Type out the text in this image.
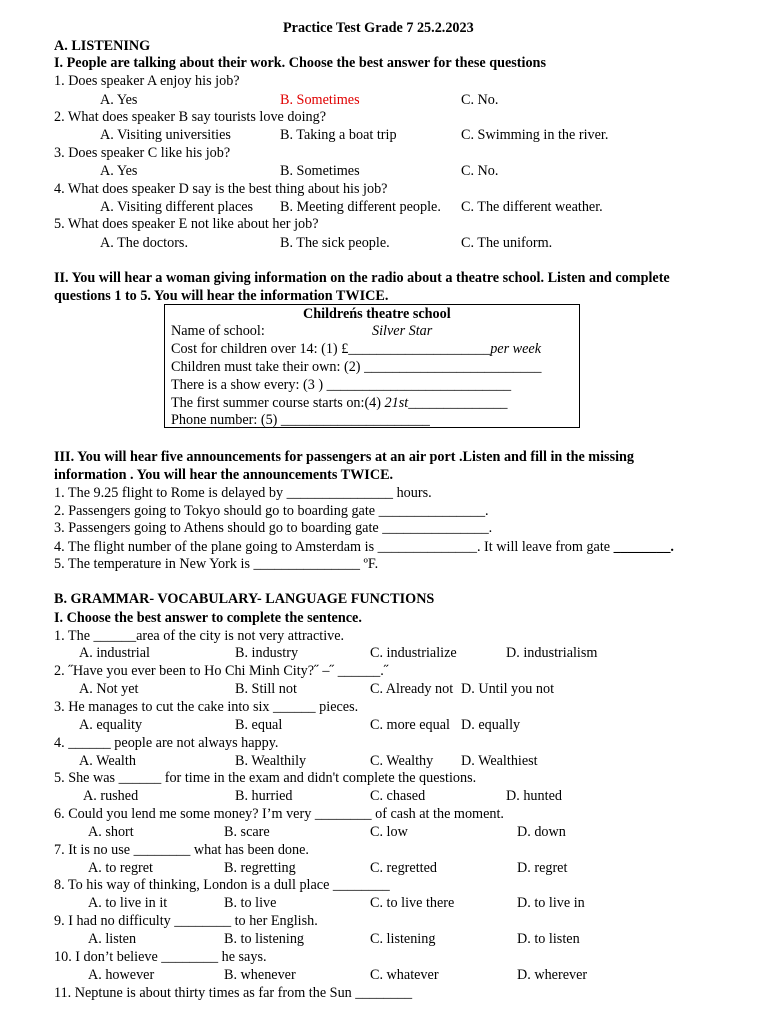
Practice Test Grade 7 25.2.2023
A. LISTENING
I. People are talking about their work. Choose the best answer for these questions
1. Does speaker A enjoy his job?
A. Yes	B. Sometimes	C. No.
2. What does speaker B say tourists love doing?
A. Visiting universities	B. Taking a boat trip	C. Swimming in the river.
3. Does speaker C like his job?
A. Yes	B. Sometimes	C. No.
4. What does speaker D say is the best thing about his job?
A. Visiting different places B. Meeting different people. C. The different weather.
5. What does speaker E not like about her job?
A. The doctors.	B. The sick people.	C. The uniform.
II. You will hear a woman giving information on the radio about a theatre school. Listen and complete
questions 1 to 5. You will hear the information TWICE.
Childreńs theatre school
Name of school:	Silver Star
Cost for children over 14: (1) £____________________per week
Children must take their own: (2) _________________________
There is a show every: (3 ) __________________________
The first summer course starts on:(4) 21st______________
Phone number: (5) _____________________
III. You will hear five announcements for passengers at an air port .Listen and fill in the missing
information . You will hear the announcements TWICE.
1. The 9.25 flight to Rome is delayed by _______________ hours.
2. Passengers going to Tokyo should go to boarding gate _______________.
3. Passengers going to Athens should go to boarding gate _______________.
4. The flight number of the plane going to Amsterdam is ______________. It will leave from gate ________.
5. The temperature in New York is _______________ ºF.
B. GRAMMAR- VOCABULARY- LANGUAGE FUNCTIONS
I. Choose the best answer to complete the sentence.
1. The ______area of the city is not very attractive.
A. industrial	B. industry	C. industrialize	D. industrialism
2. ˝Have you ever been to Ho Chi Minh City?˝ –˝ ______.˝
A. Not yet	B. Still not	C. Already not D. Until you not
3. He manages to cut the cake into six ______ pieces.
A. equality	B. equal	C. more equal D. equally
4. ______ people are not always happy.
A. Wealth	B. Wealthily	C. Wealthy D. Wealthiest
5. She was ______ for time in the exam and didn't complete the questions.
A. rushed	B. hurried	C. chased	D. hunted
6. Could you lend me some money? I’m very ________ of cash at the moment.
A. short	B. scare	C. low	D. down
7. It is no use ________ what has been done.
A. to regret	B. regretting	C. regretted	D. regret
8. To his way of thinking, London is a dull place ________
A. to live in it	B. to live	C. to live there	D. to live in
9. I had no difficulty ________ to her English.
A. listen	B. to listening	C. listening	D. to listen
10. I don’t believe ________ he says.
A. however	B. whenever	C. whatever	D. wherever
11. Neptune is about thirty times as far from the Sun ________
